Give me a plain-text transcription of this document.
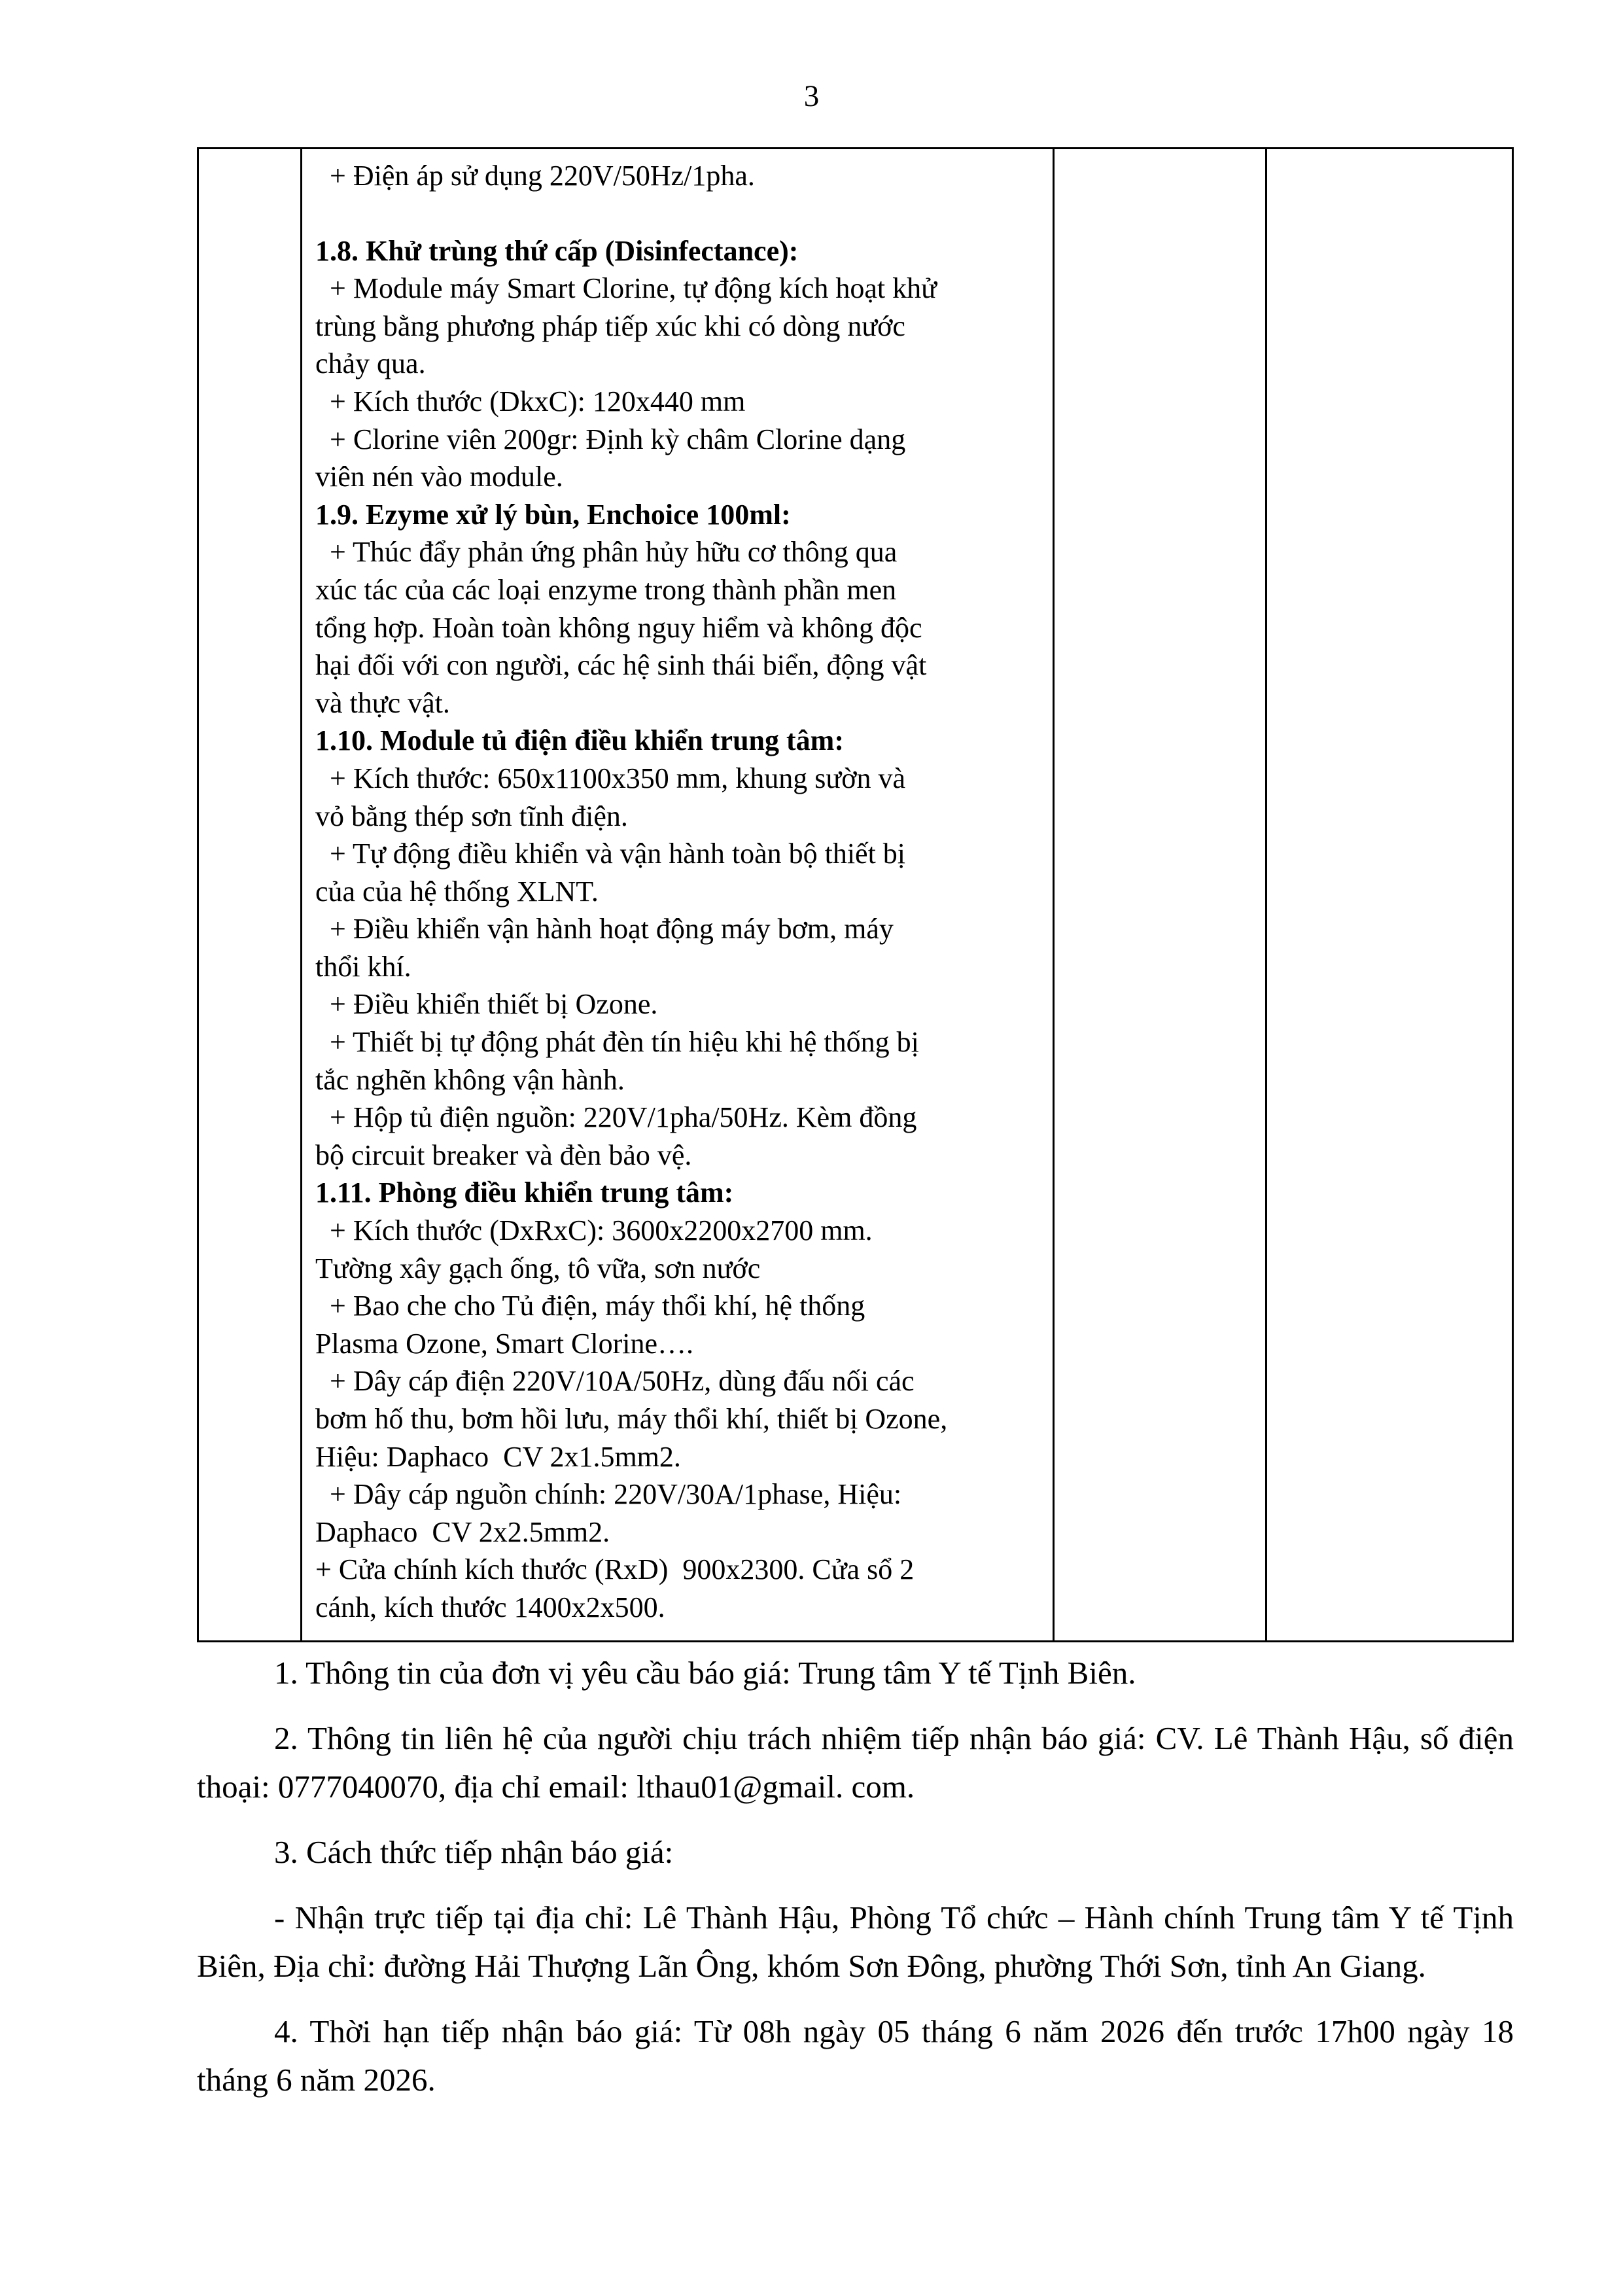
3
+ Điện áp sử dụng 220V/50Hz/1pha.
1.8. Khử trùng thứ cấp (Disinfectance):
+ Module máy Smart Clorine, tự động kích hoạt khử
trùng bằng phương pháp tiếp xúc khi có dòng nước
chảy qua.
+ Kích thước (DkxC): 120x440 mm
+ Clorine viên 200gr: Định kỳ châm Clorine dạng
viên nén vào module.
1.9. Ezyme xử lý bùn, Enchoice 100ml:
+ Thúc đẩy phản ứng phân hủy hữu cơ thông qua
xúc tác của các loại enzyme trong thành phần men
tổng hợp. Hoàn toàn không nguy hiểm và không độc
hại đối với con người, các hệ sinh thái biển, động vật
và thực vật.
1.10. Module tủ điện điều khiển trung tâm:
+ Kích thước: 650x1100x350 mm, khung sườn và
vỏ bằng thép sơn tĩnh điện.
+ Tự động điều khiển và vận hành toàn bộ thiết bị
của của hệ thống XLNT.
+ Điều khiển vận hành hoạt động máy bơm, máy
thổi khí.
+ Điều khiển thiết bị Ozone.
+ Thiết bị tự động phát đèn tín hiệu khi hệ thống bị
tắc nghẽn không vận hành.
+ Hộp tủ điện nguồn: 220V/1pha/50Hz. Kèm đồng
bộ circuit breaker và đèn bảo vệ.
1.11. Phòng điều khiển trung tâm:
+ Kích thước (DxRxC): 3600x2200x2700 mm.
Tường xây gạch ống, tô vữa, sơn nước
+ Bao che cho Tủ điện, máy thổi khí, hệ thống
Plasma Ozone, Smart Clorine….
+ Dây cáp điện 220V/10A/50Hz, dùng đấu nối các
bơm hố thu, bơm hồi lưu, máy thổi khí, thiết bị Ozone,
Hiệu: Daphaco  CV 2x1.5mm2.
+ Dây cáp nguồn chính: 220V/30A/1phase, Hiệu:
Daphaco  CV 2x2.5mm2.
+ Cửa chính kích thước (RxD)  900x2300. Cửa sổ 2
cánh, kích thước 1400x2x500.

1. Thông tin của đơn vị yêu cầu báo giá: Trung tâm Y tế Tịnh Biên.

2. Thông tin liên hệ của người chịu trách nhiệm tiếp nhận báo giá: CV. Lê Thành Hậu, số điện thoại: 0777040070, địa chỉ email: lthau01@gmail. com.

3. Cách thức tiếp nhận báo giá:

- Nhận trực tiếp tại địa chỉ: Lê Thành Hậu, Phòng Tổ chức – Hành chính Trung tâm Y tế Tịnh Biên, Địa chỉ: đường Hải Thượng Lãn Ông, khóm Sơn Đông, phường Thới Sơn, tỉnh An Giang.

4. Thời hạn tiếp nhận báo giá: Từ 08h ngày 05 tháng 6 năm 2026 đến trước 17h00 ngày 18 tháng 6 năm 2026.
